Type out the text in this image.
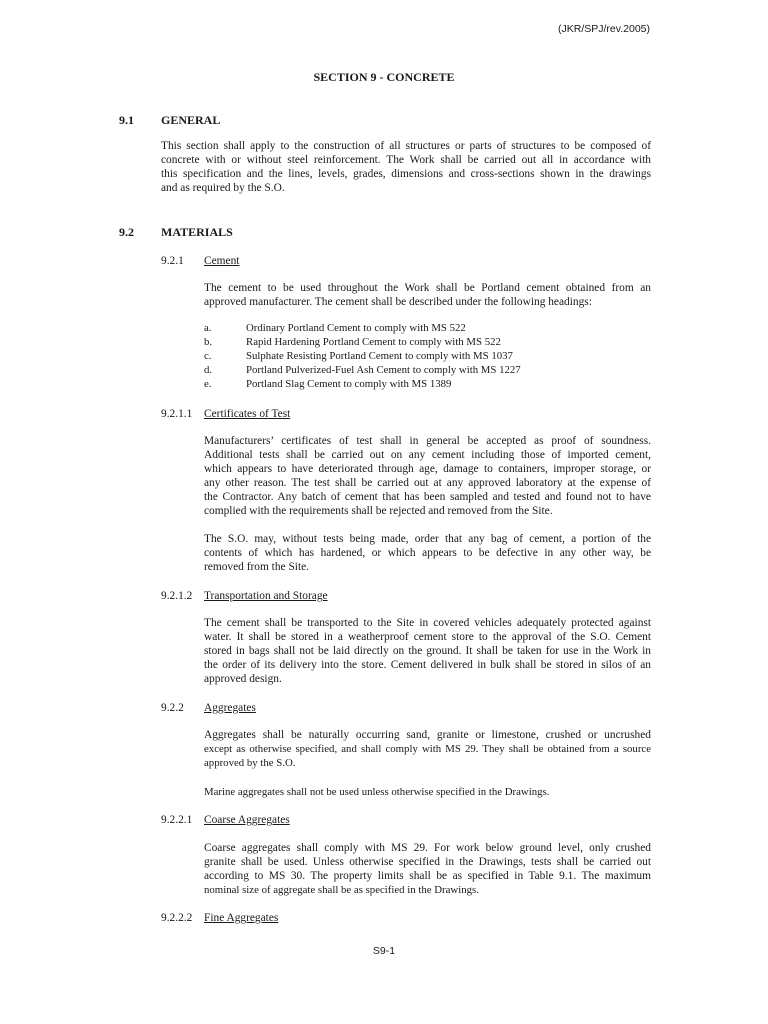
(JKR/SPJ/rev.2005)
SECTION 9 - CONCRETE
9.1 GENERAL
This section shall apply to the construction of all structures or parts of structures to be composed of
concrete with or without steel reinforcement. The Work shall be carried out all in accordance with
this specification and the lines, levels, grades, dimensions and cross-sections shown in the drawings
and as required by the S.O.
9.2 MATERIALS
9.2.1 Cement
The cement to be used throughout the Work shall be Portland cement obtained from an
approved manufacturer. The cement shall be described under the following headings:
a.	Ordinary Portland Cement to comply with MS 522
b.	Rapid Hardening Portland Cement to comply with MS 522
c.	Sulphate Resisting Portland Cement to comply with MS 1037
d.	Portland Pulverized-Fuel Ash Cement to comply with MS 1227
e.	Portland Slag Cement to comply with MS 1389
9.2.1.1 Certificates of Test
Manufacturers’ certificates of test shall in general be accepted as proof of soundness.
Additional tests shall be carried out on any cement including those of imported cement,
which appears to have deteriorated through age, damage to containers, improper storage, or
any other reason. The test shall be carried out at any approved laboratory at the expense of
the Contractor. Any batch of cement that has been sampled and tested and found not to have
complied with the requirements shall be rejected and removed from the Site.
The S.O. may, without tests being made, order that any bag of cement, a portion of the
contents of which has hardened, or which appears to be defective in any other way, be
removed from the Site.
9.2.1.2 Transportation and Storage
The cement shall be transported to the Site in covered vehicles adequately protected against
water. It shall be stored in a weatherproof cement store to the approval of the S.O. Cement
stored in bags shall not be laid directly on the ground. It shall be taken for use in the Work in
the order of its delivery into the store. Cement delivered in bulk shall be stored in silos of an
approved design.
9.2.2 Aggregates
Aggregates shall be naturally occurring sand, granite or limestone, crushed or uncrushed
except as otherwise specified, and shall comply with MS 29. They shall be obtained from a source
approved by the S.O.
Marine aggregates shall not be used unless otherwise specified in the Drawings.
9.2.2.1 Coarse Aggregates
Coarse aggregates shall comply with MS 29. For work below ground level, only crushed
granite shall be used. Unless otherwise specified in the Drawings, tests shall be carried out
according to MS 30. The property limits shall be as specified in Table 9.1. The maximum
nominal size of aggregate shall be as specified in the Drawings.
9.2.2.2 Fine Aggregates
S9-1
